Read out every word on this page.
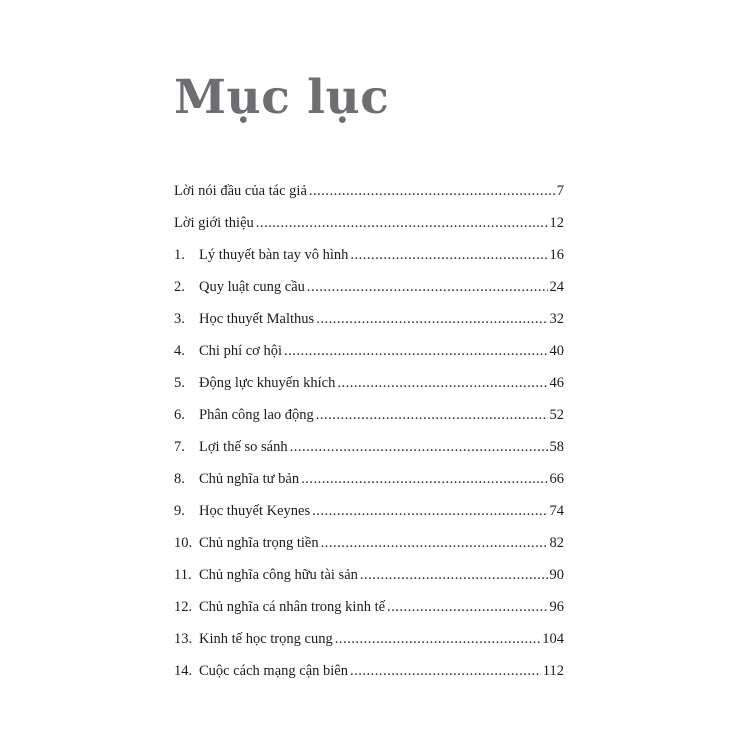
Mục lục
Lời nói đầu của tác giả .....	7
Lời giới thiệu .....	12
1. Lý thuyết bàn tay vô hình .....	16
2. Quy luật cung cầu .....	24
3. Học thuyết Malthus .....	32
4. Chi phí cơ hội .....	40
5. Động lực khuyến khích .....	46
6. Phân công lao động .....	52
7. Lợi thế so sánh .....	58
8. Chủ nghĩa tư bản .....	66
9. Học thuyết Keynes .....	74
10. Chủ nghĩa trọng tiền .....	82
11. Chủ nghĩa công hữu tài sản .....	90
12. Chủ nghĩa cá nhân trong kinh tế .....	96
13. Kinh tế học trọng cung .....	104
14. Cuộc cách mạng cận biên .....	112
